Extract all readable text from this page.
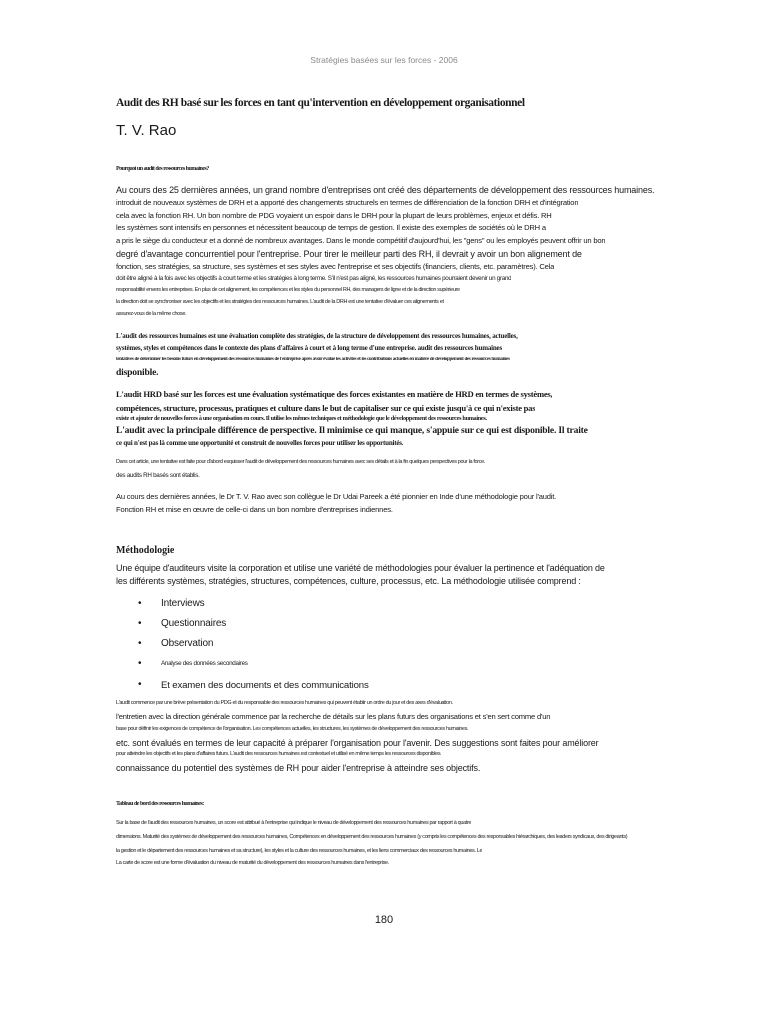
Stratégies basées sur les forces - 2006
Audit des RH basé sur les forces en tant qu'intervention en développement organisationnel
T. V. Rao
Pourquoi un audit des ressources humaines?
Au cours des 25 dernières années, un grand nombre d'entreprises ont créé des départements de développement des ressources humaines.
introduit de nouveaux systèmes de DRH et a apporté des changements structurels en termes de différenciation de la fonction DRH et d'intégration
cela avec la fonction RH. Un bon nombre de PDG voyaient un espoir dans le DRH pour la plupart de leurs problèmes, enjeux et défis. RH
les systèmes sont intensifs en personnes et nécessitent beaucoup de temps de gestion. Il existe des exemples de sociétés où le DRH a
a pris le siège du conducteur et a donné de nombreux avantages. Dans le monde compétitif d'aujourd'hui, les "gens" ou les employés peuvent offrir un bon
degré d'avantage concurrentiel pour l'entreprise. Pour tirer le meilleur parti des RH, il devrait y avoir un bon alignement de
fonction, ses stratégies, sa structure, ses systèmes et ses styles avec l'entreprise et ses objectifs (financiers, clients, etc. paramètres). Cela
doit être aligné à la fois avec les objectifs à court terme et les stratégies à long terme. S'il n'est pas aligné, les ressources humaines pourraient devenir un grand
responsabilité envers les entreprises. En plus de cet alignement, les compétences et les styles du personnel RH, des managers de ligne et de la direction supérieure
la direction doit se synchroniser avec les objectifs et les stratégies des ressources humaines. L'audit de la DRH est une tentative d'évaluer ces alignements et
assurez-vous de la même chose.
L'audit des ressources humaines est une évaluation complète des stratégies, de la structure de développement des ressources humaines, actuelles,
systèmes, styles et compétences dans le contexte des plans d'affaires à court et à long terme d'une entreprise. audit des ressources humaines
tentatives de déterminer les besoins futurs en développement des ressources humaines de l'entreprise après avoir évalué les activités et les contributions actuelles en matière de développement des ressources humaines
disponible.
L'audit HRD basé sur les forces est une évaluation systématique des forces existantes en matière de HRD en termes de systèmes,
compétences, structure, processus, pratiques et culture dans le but de capitaliser sur ce qui existe jusqu'à ce qui n'existe pas
existe et ajouter de nouvelles forces à une organisation en cours. Il utilise les mêmes techniques et méthodologie que le développement des ressources humaines.
L'audit avec la principale différence de perspective. Il minimise ce qui manque, s'appuie sur ce qui est disponible. Il traite
ce qui n'est pas là comme une opportunité et construit de nouvelles forces pour utiliser les opportunités.
Dans cet article, une tentative est faite pour d'abord esquisser l'audit de développement des ressources humaines avec ses détails et à la fin quelques perspectives pour la force.
des audits RH basés sont établis.
Au cours des dernières années, le Dr T. V. Rao avec son collègue le Dr Udai Pareek a été pionnier en Inde d'une méthodologie pour l'audit.
Fonction RH et mise en œuvre de celle-ci dans un bon nombre d'entreprises indiennes.
Méthodologie
Une équipe d'auditeurs visite la corporation et utilise une variété de méthodologies pour évaluer la pertinence et l'adéquation de
les différents systèmes, stratégies, structures, compétences, culture, processus, etc. La méthodologie utilisée comprend :
• Interviews
• Questionnaires
• Observation
•	Analyse des données secondaires
• Et examen des documents et des communications
L'audit commence par une brève présentation du PDG et du responsable des ressources humaines qui peuvent établir un ordre du jour et des axes d'évaluation.
l'entretien avec la direction générale commence par la recherche de détails sur les plans futurs des organisations et s'en sert comme d'un
base pour définir les exigences de compétence de l'organisation. Les compétences actuelles, les structures, les systèmes de développement des ressources humaines.
etc. sont évalués en termes de leur capacité à préparer l'organisation pour l'avenir. Des suggestions sont faites pour améliorer
pour atteindre les objectifs et les plans d'affaires futurs. L'audit des ressources humaines est contextuel et utilisé en même temps les ressources disponibles.
connaissance du potentiel des systèmes de RH pour aider l'entreprise à atteindre ses objectifs.
Tableau de bord des ressources humaines:
Sur la base de l'audit des ressources humaines, un score est attribué à l'entreprise qui indique le niveau de développement des ressources humaines par rapport à quatre
dimensions. Maturité des systèmes de développement des ressources humaines, Compétences en développement des ressources humaines (y compris les compétences des responsables hiérarchiques, des leaders syndicaux, des dirigeants)
la gestion et le département des ressources humaines et sa structure), les styles et la culture des ressources humaines, et les liens commerciaux des ressources humaines. Le
La carte de score est une forme d'évaluation du niveau de maturité du développement des ressources humaines dans l'entreprise.
180
